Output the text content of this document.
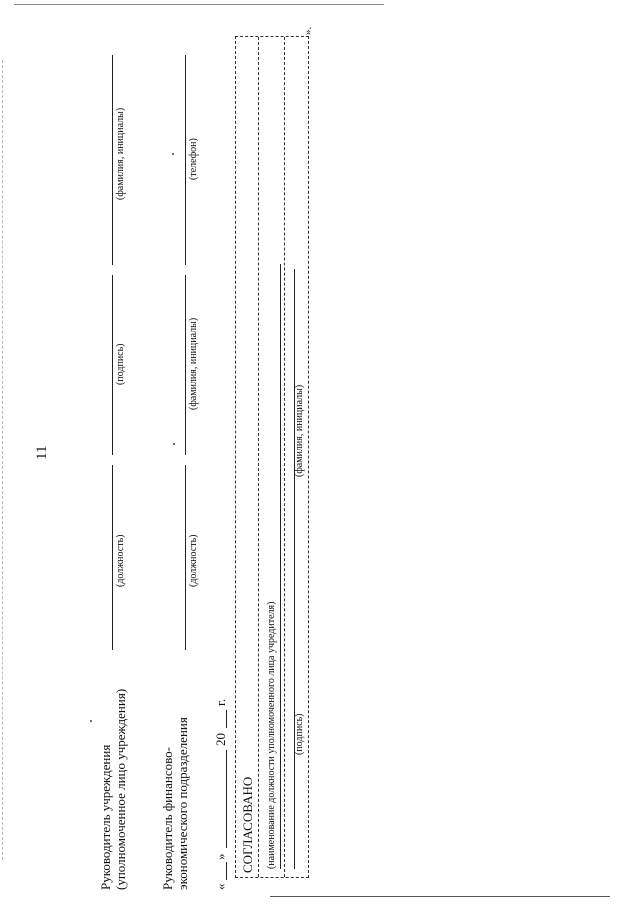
11
Руководитель учреждения (уполномоченное лицо учреждения)
(должность)
(подпись)
(фамилия, инициалы)
Руководитель финансово- экономического подразделения
(должность)
(фамилия, инициалы)
(телефон)
«
»
20
г.
СОГЛАСОВАНО (наименование должности уполномоченного лица учредителя) (подпись)
(фамилия, инициалы)
».
